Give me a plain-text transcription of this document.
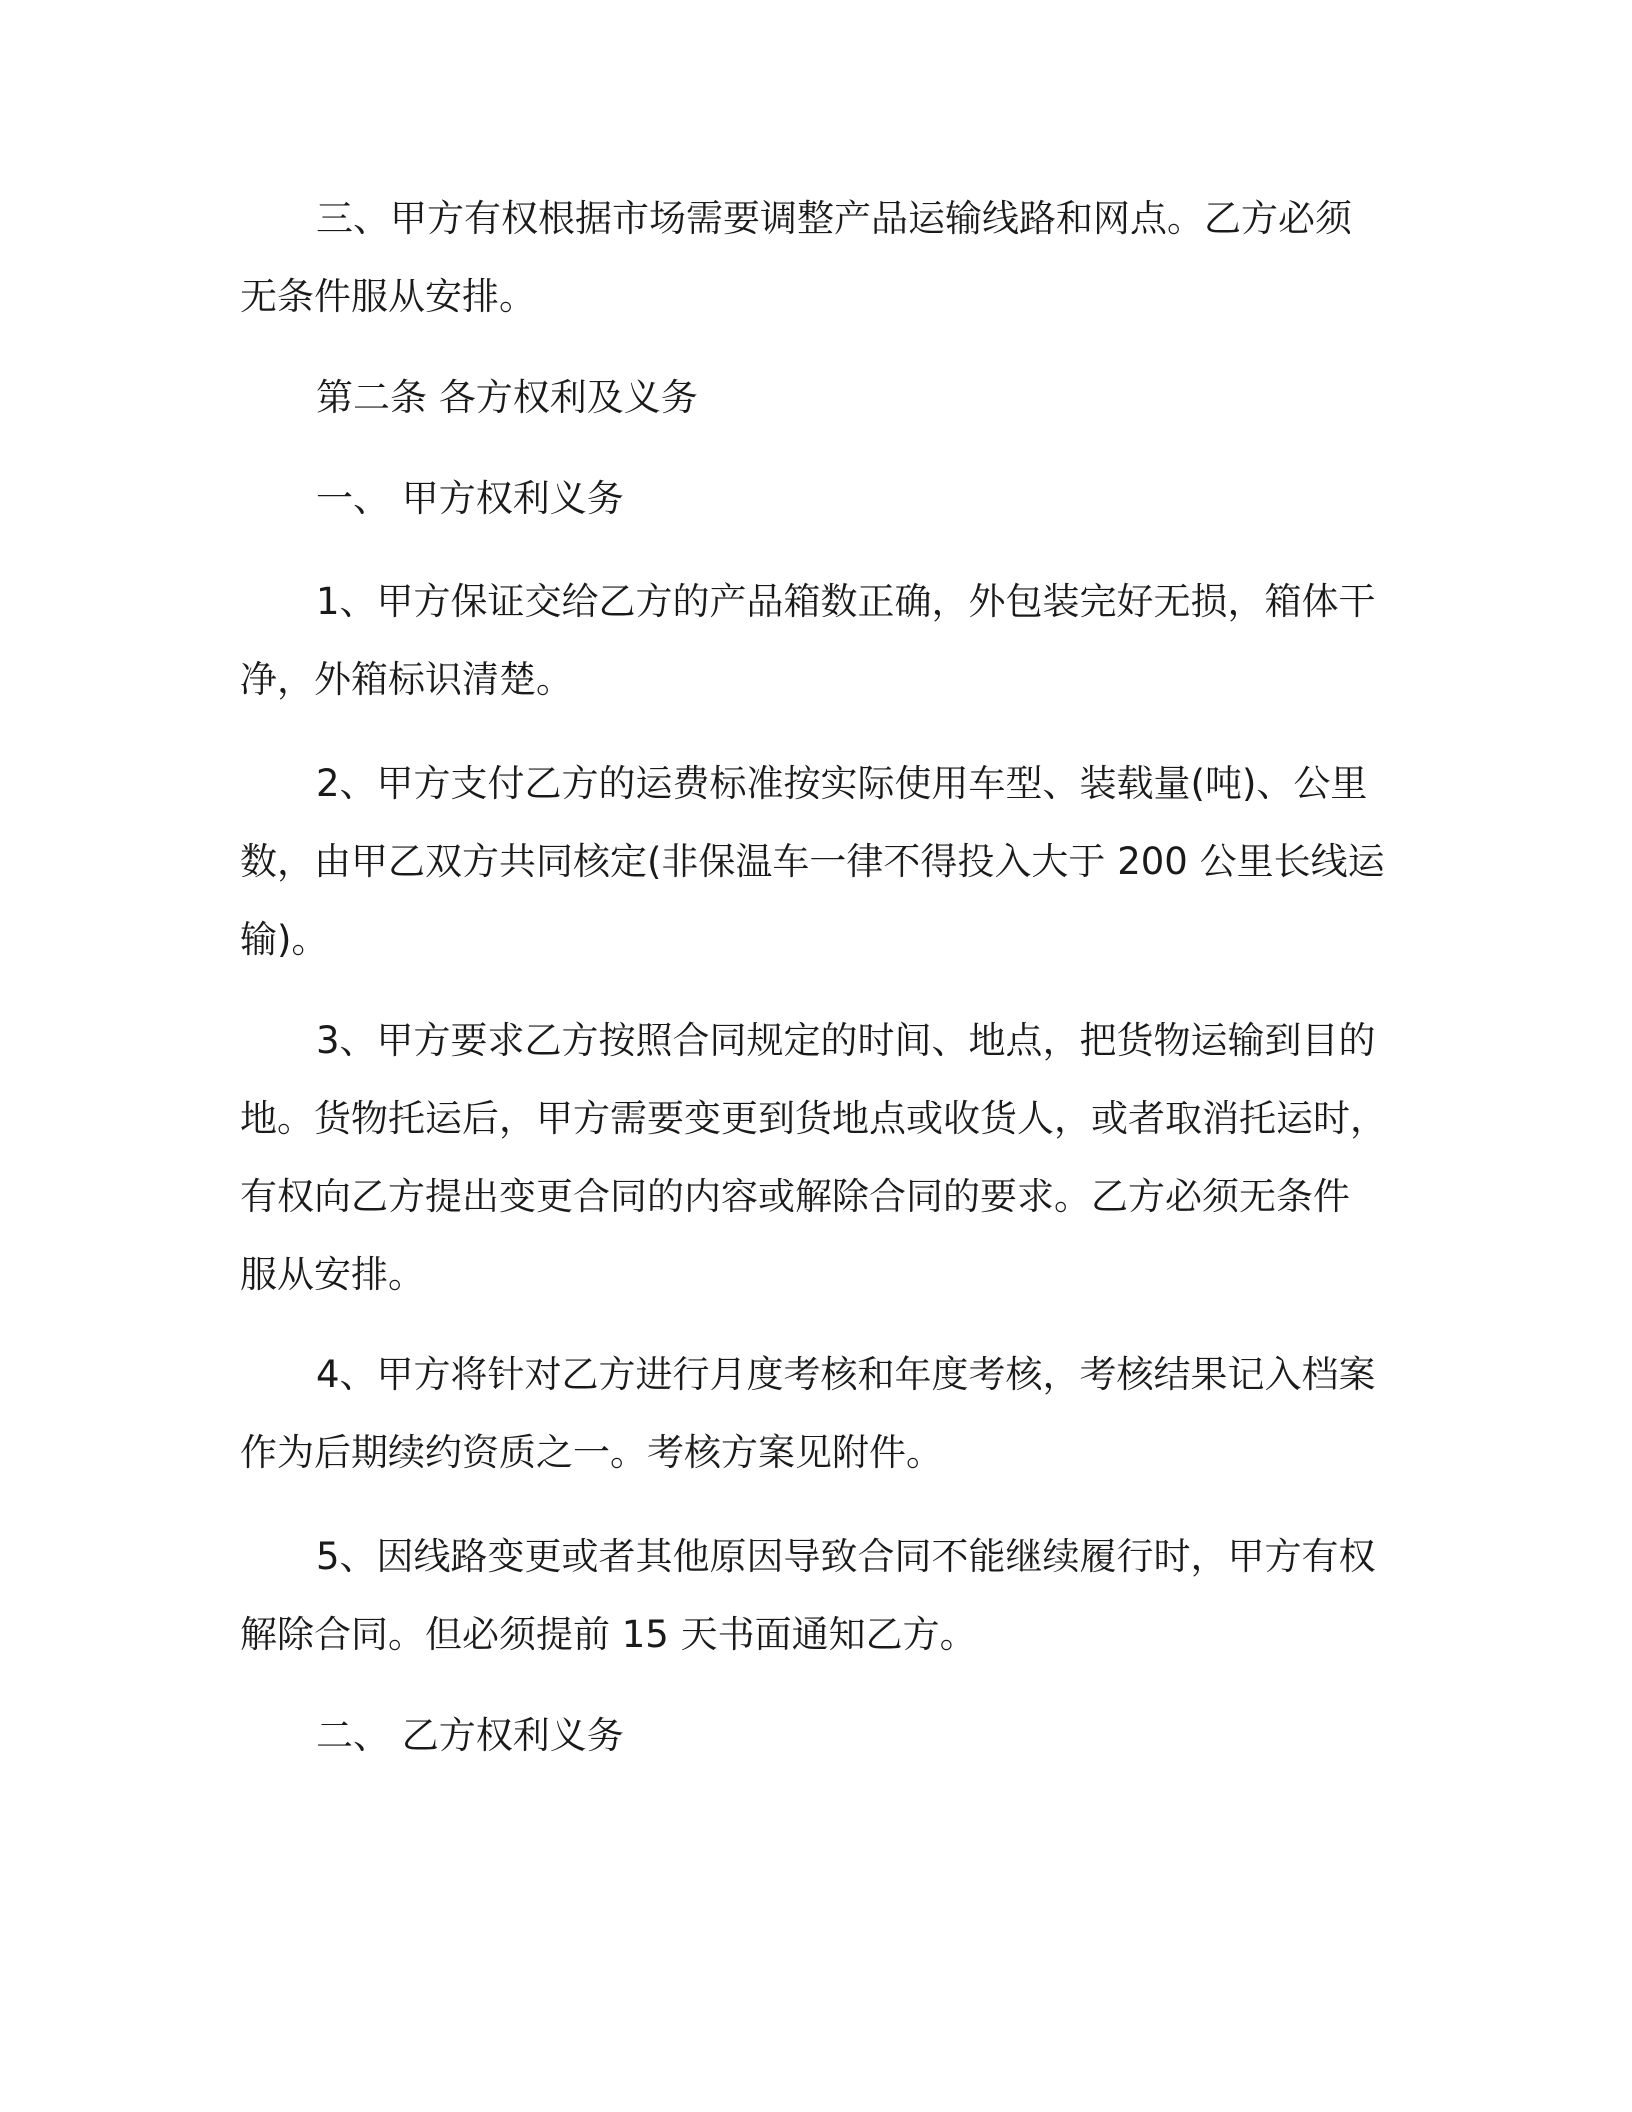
三、甲方有权根据市场需要调整产品运输线路和网点。乙方必须
无条件服从安排。
第二条 各方权利及义务
一、 甲方权利义务
1、甲方保证交给乙方的产品箱数正确，外包装完好无损，箱体干
净，外箱标识清楚。
2、甲方支付乙方的运费标准按实际使用车型、装载量(吨)、公里
数，由甲乙双方共同核定(非保温车一律不得投入大于 200 公里长线运
输)。
3、甲方要求乙方按照合同规定的时间、地点，把货物运输到目的
地。货物托运后，甲方需要变更到货地点或收货人，或者取消托运时，
有权向乙方提出变更合同的内容或解除合同的要求。乙方必须无条件
服从安排。
4、甲方将针对乙方进行月度考核和年度考核，考核结果记入档案
作为后期续约资质之一。考核方案见附件。
5、因线路变更或者其他原因导致合同不能继续履行时，甲方有权
解除合同。但必须提前 15 天书面通知乙方。
二、 乙方权利义务
